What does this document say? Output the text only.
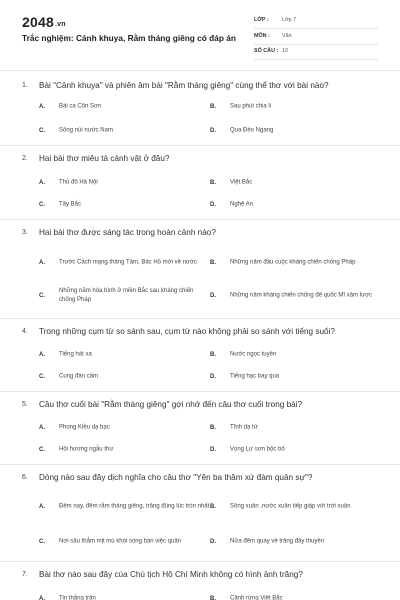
2048.vn
Trắc nghiệm: Cảnh khuya, Rằm tháng giêng có đáp án
LỚP : Lớp 7
MÔN : Văn
SỐ CÂU : 10
1. Bài "Cảnh khuya" và phiên âm bài "Rằm tháng giêng" cùng thể thơ với bài nào?
A. Bài ca Côn Sơn	B. Sau phút chia li
C. Sông núi nước Nam	D. Qua Đèo Ngang
2. Hai bài thơ miêu tả cảnh vật ở đâu?
A. Thủ đô Hà Nội	B. Việt Bắc
C. Tây Bắc	D. Nghệ An
3. Hai bài thơ được sáng tác trong hoàn cảnh nào?
A. Trước Cách mạng tháng Tám, Bác Hồ mới về nước	B. Những năm đầu cuộc kháng chiến chống Pháp
C.
Những năm hòa bình ở miền Bắc sau kháng chiến chống Pháp
D. Những năm kháng chiến chống đế quốc Mĩ xâm lược
4. Trong những cụm từ so sánh sau, cụm từ nào không phải so sánh với tiếng suối?
A. Tiếng hát xa	B. Nước ngọc tuyền
C. Cung đàn cầm	D. Tiếng hạc bay qua
5. Câu thơ cuối bài "Rằm tháng giêng" gợi nhớ đến câu thơ cuối trong bài?
A. Phong Kiều dạ bạc	B. Tĩnh dạ tứ
C. Hồi hương ngẫu thư	D. Vọng Lư sơn bộc bố
6. Dòng nào sau đây dịch nghĩa cho câu thơ "Yên ba thâm xứ đàm quân sự"?
A. Đêm nay, đêm rằm tháng giêng, trăng đúng lúc tròn nhất B. Sông xuân ,nước xuân tiếp giáp với trời xuân
C. Nơi sâu thẳm mịt mù khói sóng bàn việc quân	D. Nửa đêm quay về trăng đầy thuyền
7. Bài thơ nào sau đây của Chủ tịch Hồ Chí Minh không có hình ảnh trăng?
A. Tin thắng trận	B. Cảnh rừng Việt Bắc
